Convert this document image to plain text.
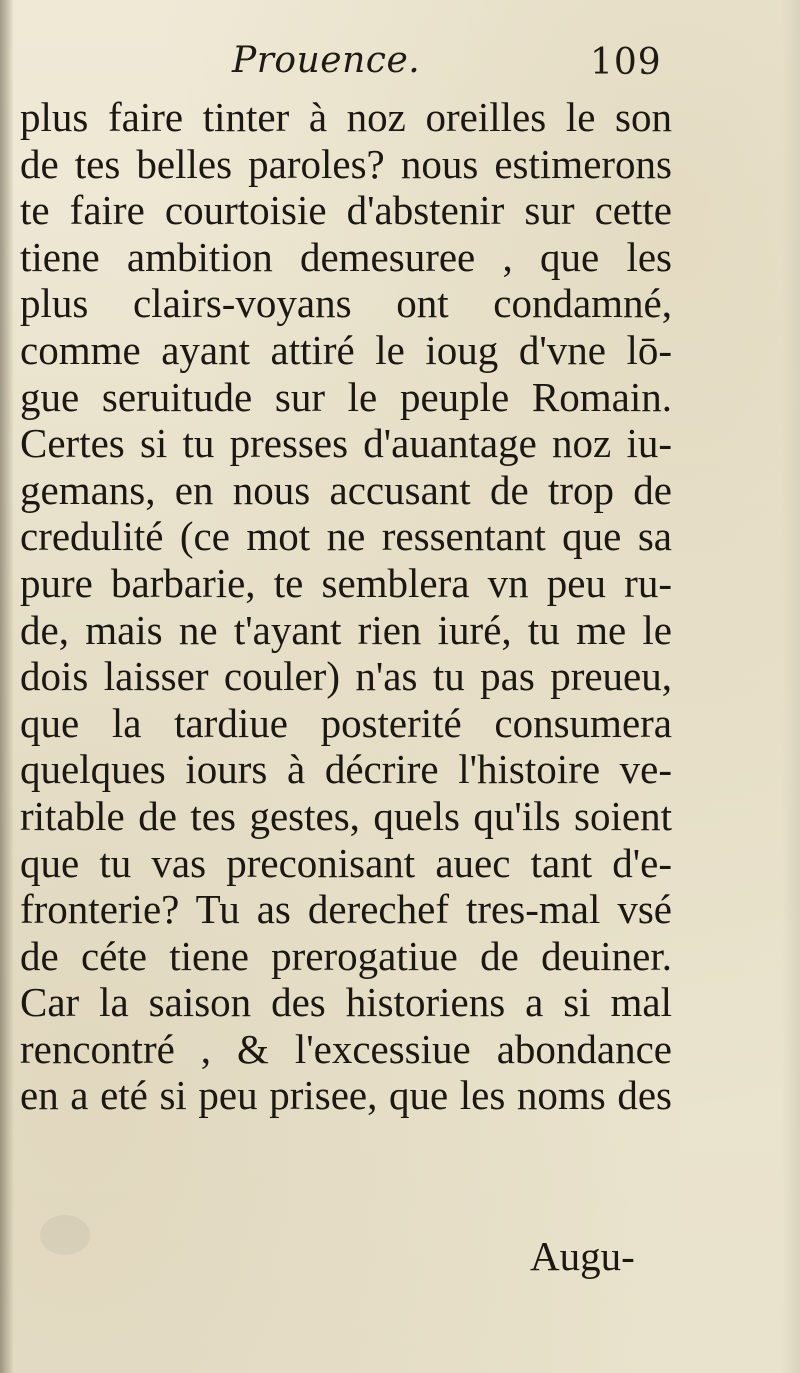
Prouence.	109
plus faire tinter à noz oreilles le son
de tes belles paroles? nous estimerons
te faire courtoisie d'abstenir sur cette
tiene ambition demesuree , que les
plus clairs-voyans ont condamné,
comme ayant attiré le ioug d'vne lō-
gue seruitude sur le peuple Romain.
Certes si tu presses d'auantage noz iu-
gemans, en nous accusant de trop de
credulité (ce mot ne ressentant que sa
pure barbarie, te semblera vn peu ru-
de, mais ne t'ayant rien iuré, tu me le
dois laisser couler) n'as tu pas preueu,
que la tardiue posterité consumera
quelques iours à décrire l'histoire ve-
ritable de tes gestes, quels qu'ils soient
que tu vas preconisant auec tant d'e-
fronterie? Tu as derechef tres-mal vsé
de céte tiene prerogatiue de deuiner.
Car la saison des historiens a si mal
rencontré , & l'excessiue abondance
en a eté si peu prisee, que les noms des
Augu-
